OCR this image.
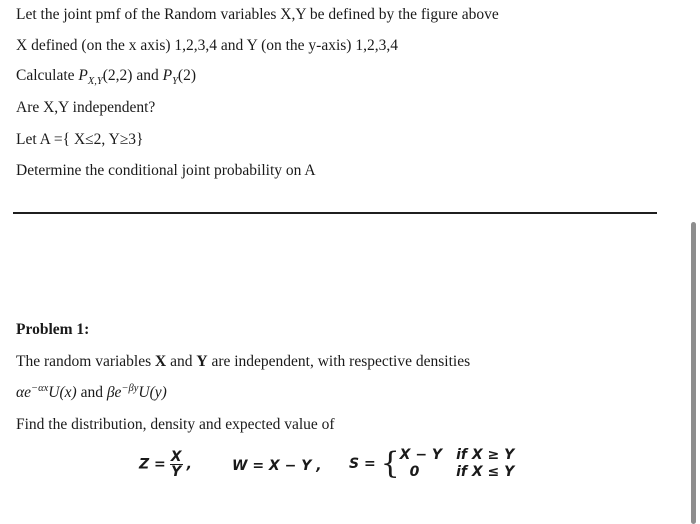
Let the joint pmf of the Random variables X,Y be defined by the figure above
X defined (on the x axis) 1,2,3,4 and Y (on the y-axis) 1,2,3,4
Calculate $P_{X,Y}(2,2)$ and $P_Y(2)$
Are X,Y independent?
Let A ={ X≤2, Y≥3}
Determine the conditional joint probability on A
Problem 1:
The random variables X and Y are independent, with respective densities
$\alpha e^{-\alpha x}U(x)$ and $\beta e^{-\beta y}U(y)$
Find the distribution, density and expected value of
$Z = \frac{X}{Y}$ ,	W = X − Y , S = { X − Y
0
if X ≥ Y
if X ≤ Y
